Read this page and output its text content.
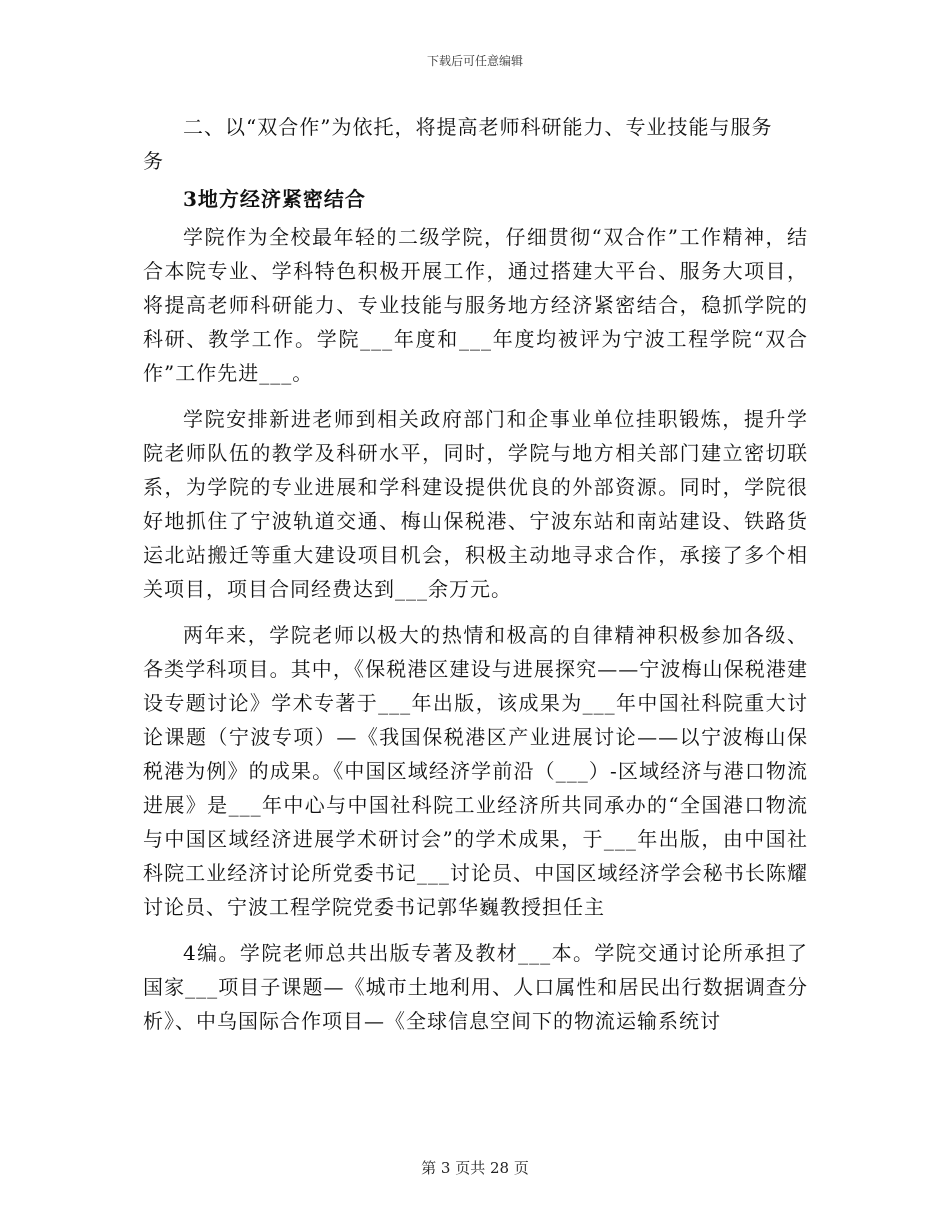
下载后可任意编辑

二、以“双合作”为依托，将提高老师科研能力、专业技能与服务

务

3地方经济紧密结合

学院作为全校最年轻的二级学院，仔细贯彻“双合作”工作精神，结合本院专业、学科特色积极开展工作，通过搭建大平台、服务大项目，将提高老师科研能力、专业技能与服务地方经济紧密结合，稳抓学院的科研、教学工作。学院___年度和___年度均被评为宁波工程学院“双合作”工作先进___。

学院安排新进老师到相关政府部门和企事业单位挂职锻炼，提升学院老师队伍的教学及科研水平，同时，学院与地方相关部门建立密切联系，为学院的专业进展和学科建设提供优良的外部资源。同时，学院很好地抓住了宁波轨道交通、梅山保税港、宁波东站和南站建设、铁路货运北站搬迁等重大建设项目机会，积极主动地寻求合作，承接了多个相关项目，项目合同经费达到___余万元。

两年来，学院老师以极大的热情和极高的自律精神积极参加各级、各类学科项目。其中，《保税港区建设与进展探究——宁波梅山保税港建设专题讨论》学术专著于___年出版，该成果为___年中国社科院重大讨论课题（宁波专项）—《我国保税港区产业进展讨论——以宁波梅山保税港为例》的成果。《中国区域经济学前沿（___）-区域经济与港口物流进展》是___年中心与中国社科院工业经济所共同承办的“全国港口物流与中国区域经济进展学术研讨会”的学术成果，于___年出版，由中国社科院工业经济讨论所党委书记___讨论员、中国区域经济学会秘书长陈耀讨论员、宁波工程学院党委书记郭华巍教授担任主

4编。学院老师总共出版专著及教材___本。学院交通讨论所承担了国家___项目子课题—《城市土地利用、人口属性和居民出行数据调查分析》、中乌国际合作项目—《全球信息空间下的物流运输系统讨

第 3 页共 28 页
